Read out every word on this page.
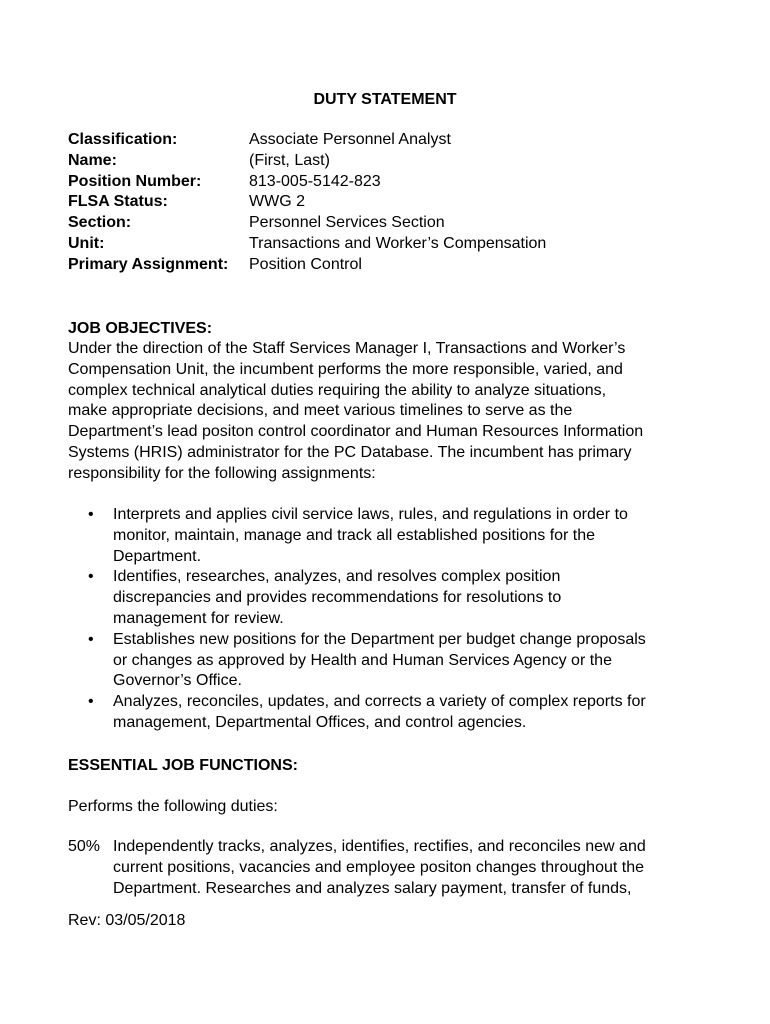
DUTY STATEMENT
Classification:	Associate Personnel Analyst
Name:	(First, Last)
Position Number:	813-005-5142-823
FLSA Status:	WWG 2
Section:	Personnel Services Section
Unit:	Transactions and Worker’s Compensation
Primary Assignment:	Position Control
JOB OBJECTIVES:
Under the direction of the Staff Services Manager I, Transactions and Worker’s
Compensation Unit, the incumbent performs the more responsible, varied, and
complex technical analytical duties requiring the ability to analyze situations,
make appropriate decisions, and meet various timelines to serve as the
Department’s lead positon control coordinator and Human Resources Information
Systems (HRIS) administrator for the PC Database. The incumbent has primary
responsibility for the following assignments:
•	Interprets and applies civil service laws, rules, and regulations in order to
monitor, maintain, manage and track all established positions for the
Department.
•	Identifies, researches, analyzes, and resolves complex position
discrepancies and provides recommendations for resolutions to
management for review.
•	Establishes new positions for the Department per budget change proposals
or changes as approved by Health and Human Services Agency or the
Governor’s Office.
•	Analyzes, reconciles, updates, and corrects a variety of complex reports for
management, Departmental Offices, and control agencies.
ESSENTIAL JOB FUNCTIONS:
Performs the following duties:
50% Independently tracks, analyzes, identifies, rectifies, and reconciles new and
current positions, vacancies and employee positon changes throughout the
Department. Researches and analyzes salary payment, transfer of funds,
Rev: 03/05/2018
